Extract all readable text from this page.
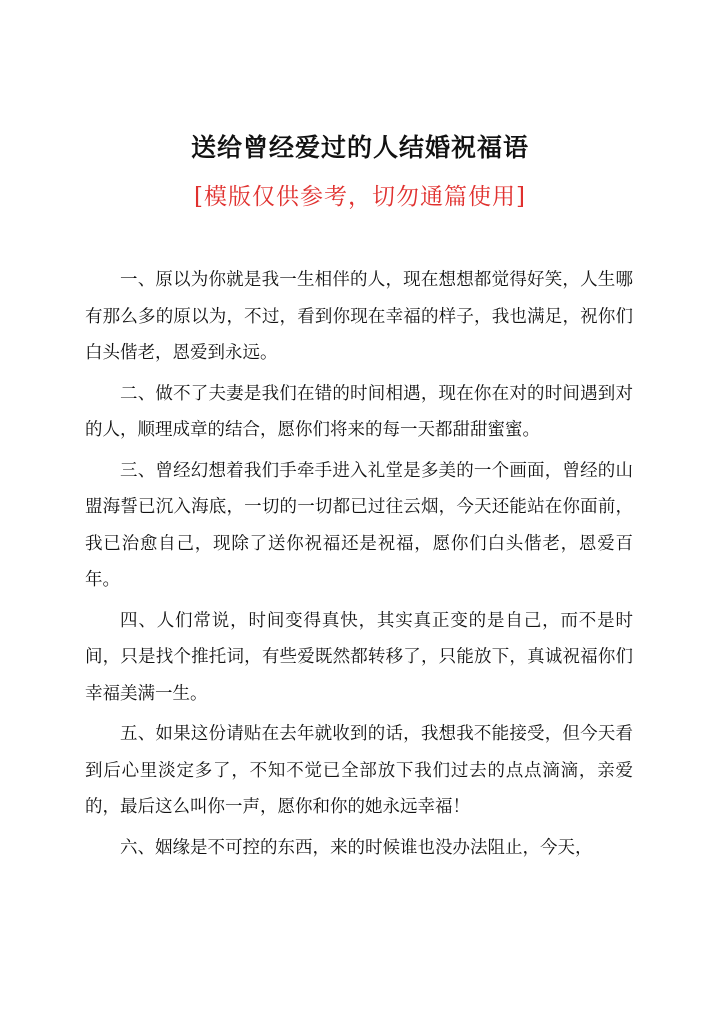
送给曾经爱过的人结婚祝福语
[模版仅供参考，切勿通篇使用]

一、原以为你就是我一生相伴的人，现在想想都觉得好笑，人生哪有那么多的原以为，不过，看到你现在幸福的样子，我也满足，祝你们白头偕老，恩爱到永远。

二、做不了夫妻是我们在错的时间相遇，现在你在对的时间遇到对的人，顺理成章的结合，愿你们将来的每一天都甜甜蜜蜜。

三、曾经幻想着我们手牵手进入礼堂是多美的一个画面，曾经的山盟海誓已沉入海底，一切的一切都已过往云烟，今天还能站在你面前，我已治愈自己，现除了送你祝福还是祝福，愿你们白头偕老，恩爱百年。

四、人们常说，时间变得真快，其实真正变的是自己，而不是时间，只是找个推托词，有些爱既然都转移了，只能放下，真诚祝福你们幸福美满一生。

五、如果这份请贴在去年就收到的话，我想我不能接受，但今天看到后心里淡定多了，不知不觉已全部放下我们过去的点点滴滴，亲爱的，最后这么叫你一声，愿你和你的她永远幸福！

六、姻缘是不可控的东西，来的时候谁也没办法阻止，今天，
